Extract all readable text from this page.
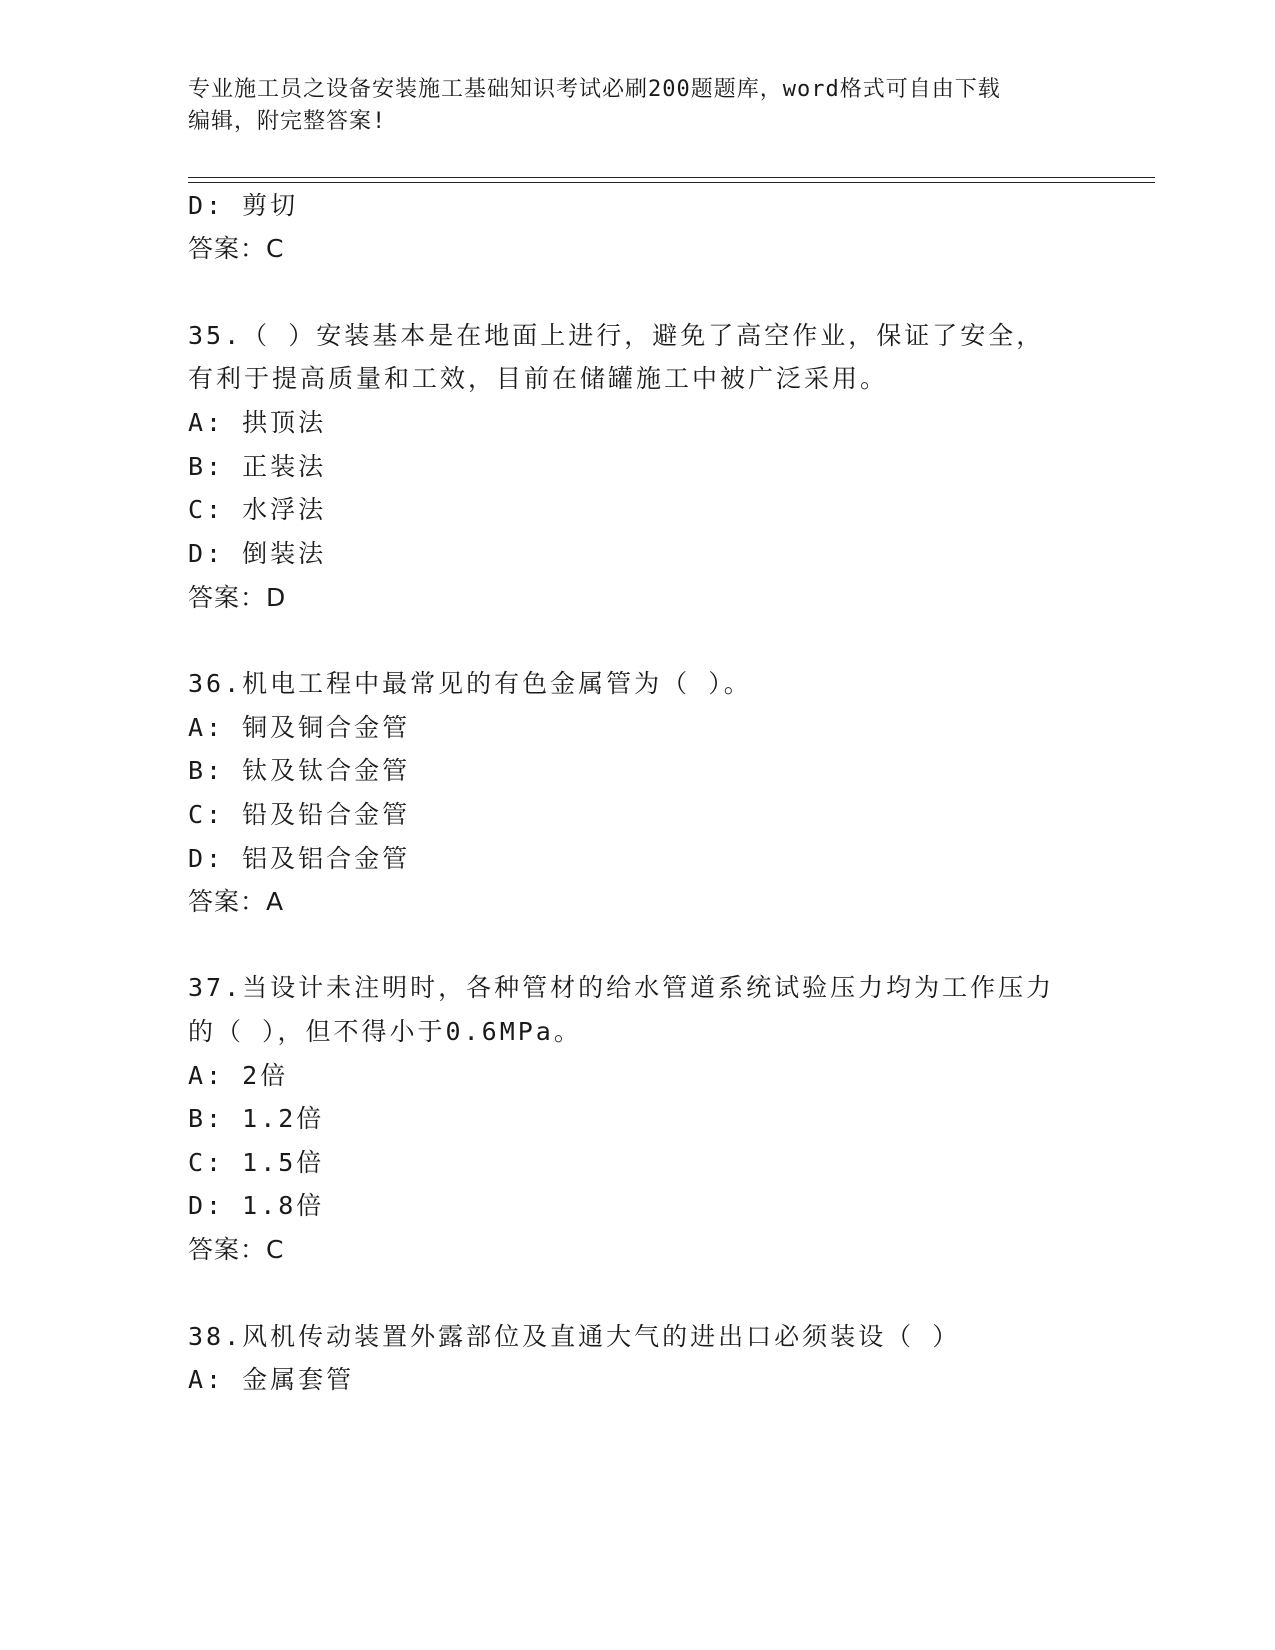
专业施工员之设备安装施工基础知识考试必刷200题题库，word格式可自由下载
编辑，附完整答案!
D: 剪切
答案：C
35.（ ）安装基本是在地面上进行，避免了高空作业，保证了安全，
有利于提高质量和工效，目前在储罐施工中被广泛采用。
A: 拱顶法
B: 正装法
C: 水浮法
D: 倒装法
答案：D
36.机电工程中最常见的有色金属管为（ ）。
A: 铜及铜合金管
B: 钛及钛合金管
C: 铅及铅合金管
D: 铝及铝合金管
答案：A
37.当设计未注明时，各种管材的给水管道系统试验压力均为工作压力
的（ ），但不得小于0.6MPa。
A: 2倍
B: 1.2倍
C: 1.5倍
D: 1.8倍
答案：C
38.风机传动装置外露部位及直通大气的进出口必须装设（ ）
A: 金属套管
